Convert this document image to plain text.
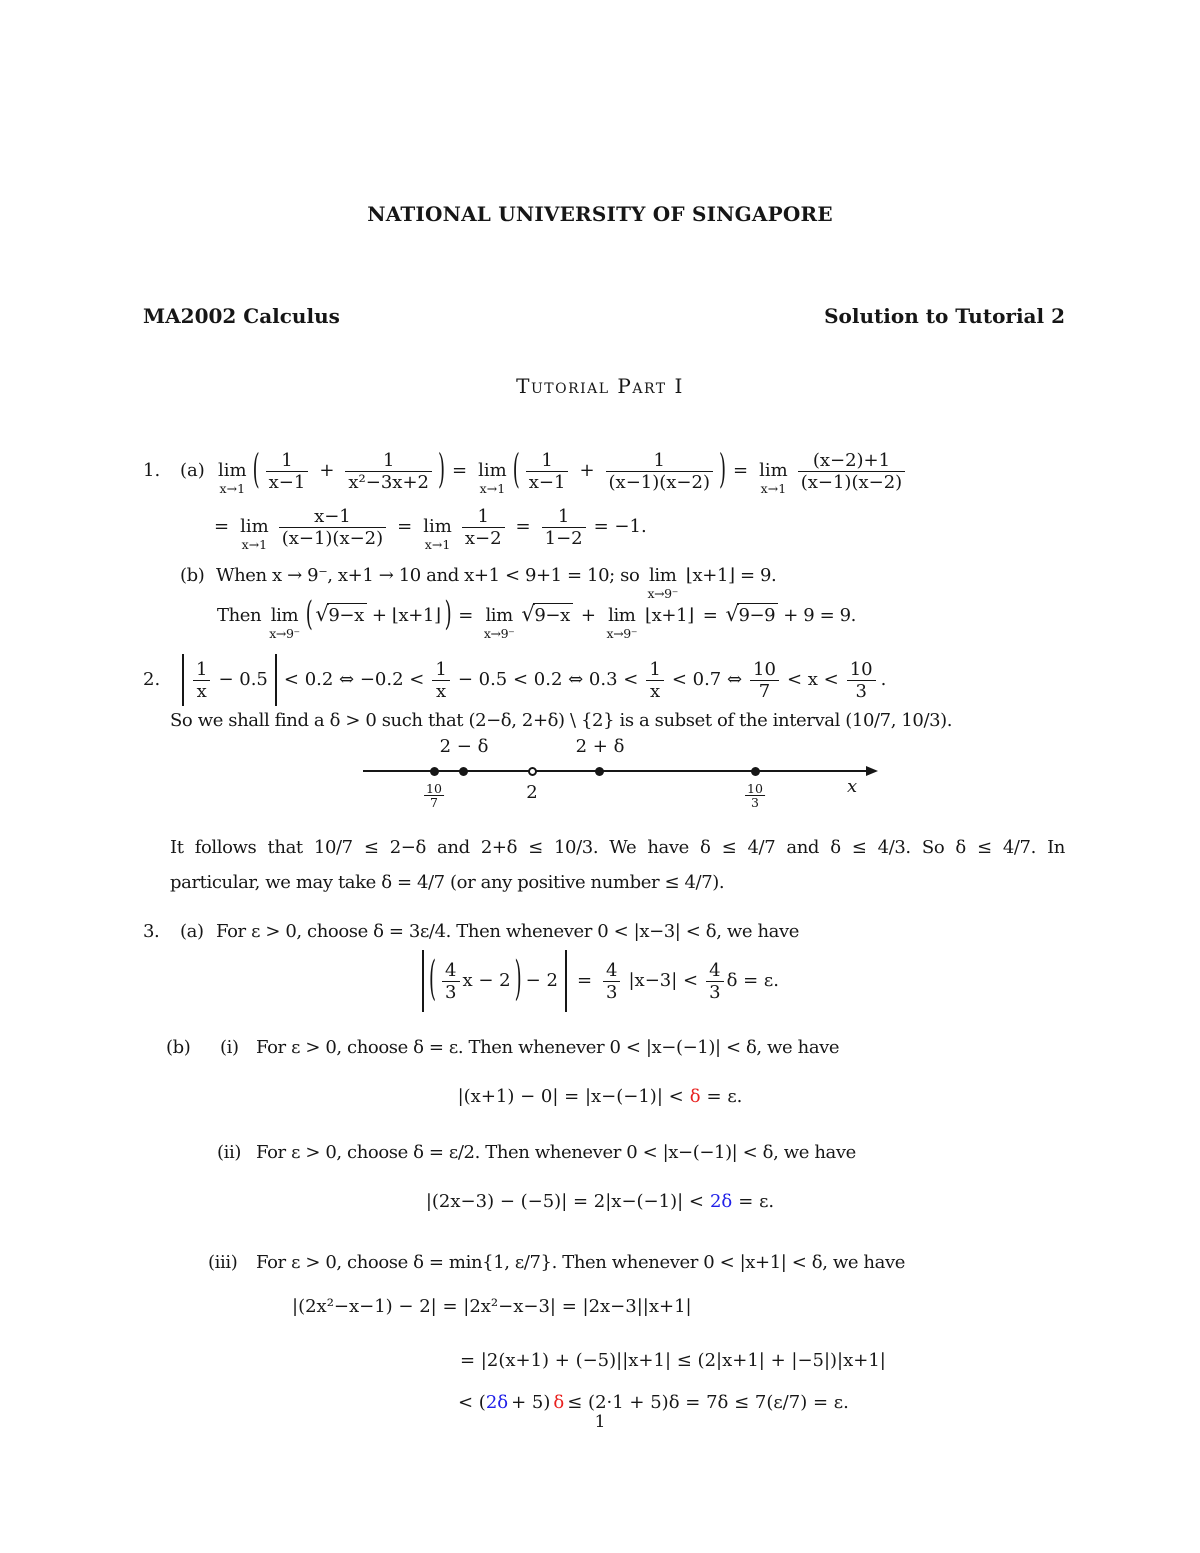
NATIONAL UNIVERSITY OF SINGAPORE
MA2002 Calculus	Solution to Tutorial 2
Tutorial Part I
1. (a) lim
x→1 ( $\frac{1}{x-1} + \frac{1}{\text{x²−3x+2}}$ ) = lim
x→1 ( $\frac{1}{x-1} + \frac{1}{(x-1)(x-2)}$ ) = lim
$x\to 1 \frac{(x-2)+1}{(x-1)(x-2)}$
= lim
$x\to 1 \frac{x-1}{(x-1)(x-2)} = \lim$
$x\to 1 \frac{1}{x-2} = \frac{1}{1-2} = -1$.
(b) When x → 9⁻, x+1 → 10 and x+1 < 9+1 = 10; so lim
x→9⁻
⌊x+1⌋ = 9.
Then lim
x→9⁻ ( √9−x + ⌊x+1⌋ ) = lim
x→9⁻
√9−x + lim
x→9⁻
⌊x+1⌋ = √9−9 + 9 = 9.
2. $\frac{1}{x} - 0.5 < 0.2$ ⇔ $-0.2 < \frac{1}{x} - 0.5 < 0.2$ ⇔ $0.3 < \frac{1}{x} < 0.7$ ⇔ $\frac{10}{7} < x < \frac{10}{3}$ .
So we shall find a δ > 0 such that (2−δ, 2+δ) \ {2} is a subset of the interval (10/7, 10/3).
2 − δ	2 + δ
$\frac{10}{7}$	2	$\frac{10}{3}$	x
It follows that 10/7 ≤ 2−δ and 2+δ ≤ 10/3. We have δ ≤ 4/7 and δ ≤ 4/3. So δ ≤ 4/7. In
particular, we may take δ = 4/7 (or any positive number ≤ 4/7).
3. (a) For ε > 0, choose δ = 3ε/4. Then whenever 0 < |x−3| < δ, we have
( $\frac{4}{3}$ x − 2 ) − $2 = \frac{4}{3} |x-3| < \frac{4}{3}$ δ = ε.
(b) (i) For ε > 0, choose δ = ε. Then whenever 0 < |x−(−1)| < δ, we have
|(x+1) − 0| = |x−(−1)| < δ = ε.
(ii) For ε > 0, choose δ = ε/2. Then whenever 0 < |x−(−1)| < δ, we have
|(2x−3) − (−5)| = 2|x−(−1)| < 2δ = ε.
(iii) For ε > 0, choose δ = min{1, ε/7}. Then whenever 0 < |x+1| < δ, we have
|(2x²−x−1) − 2| = |2x²−x−3| = |2x−3||x+1|
= |2(x+1) + (−5)||x+1| ≤ (2|x+1| + |−5|)|x+1|
< (2δ + 5) δ ≤ (2·1 + 5)δ = 7δ ≤ 7(ε/7) = ε.
1
